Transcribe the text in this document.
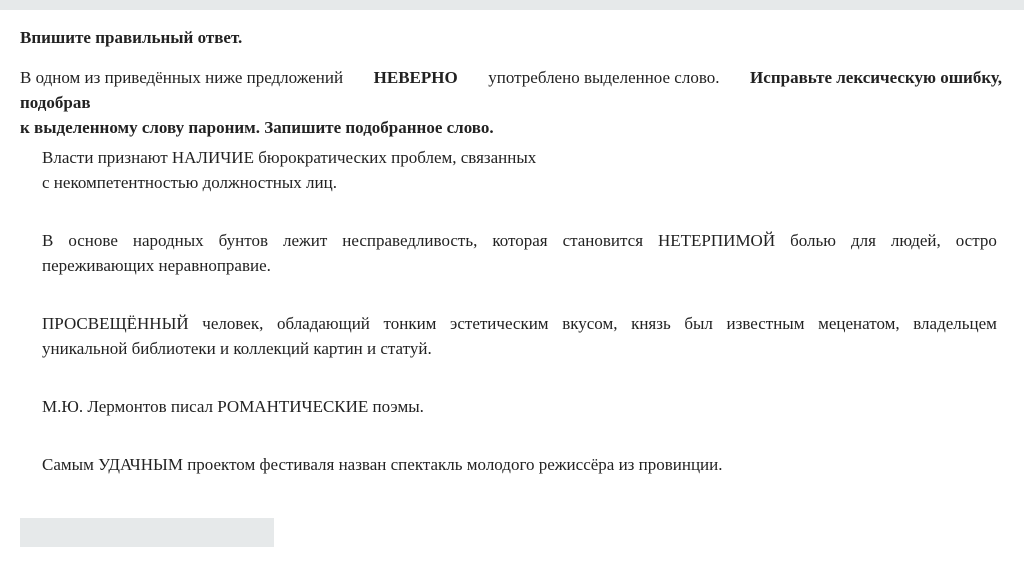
Впишите правильный ответ.
В одном из приведённых ниже предложений НЕВЕРНО употреблено выделенное слово. Исправьте лексическую ошибку,
подобрав
к выделенному слову пароним. Запишите подобранное слово.
Власти признают НАЛИЧИЕ бюрократических проблем, связанных
с некомпетентностью должностных лиц.
В основе народных бунтов лежит несправедливость, которая становится НЕТЕРПИМОЙ болью для людей, остро
переживающих неравноправие.
ПРОСВЕЩЁННЫЙ человек, обладающий тонким эстетическим вкусом, князь был известным меценатом, владельцем
уникальной библиотеки и коллекций картин и статуй.
М.Ю. Лермонтов писал РОМАНТИЧЕСКИЕ поэмы.
Самым УДАЧНЫМ проектом фестиваля назван спектакль молодого режиссёра из провинции.
